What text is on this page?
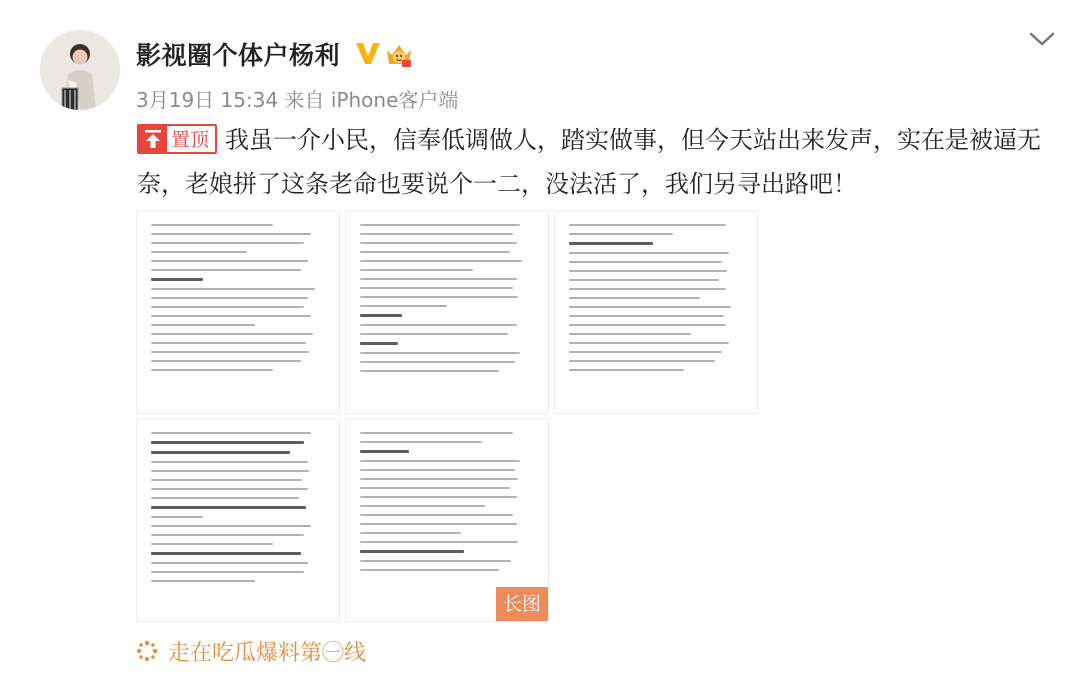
影视圈个体户杨利
3月19日 15:34 来自 iPhone客户端
置顶 我虽一介小民，信奉低调做人，踏实做事，但今天站出来发声，实在是被逼无奈，老娘拼了这条老命也要说个一二，没法活了，我们另寻出路吧！
长图
走在吃瓜爆料第㊀线
